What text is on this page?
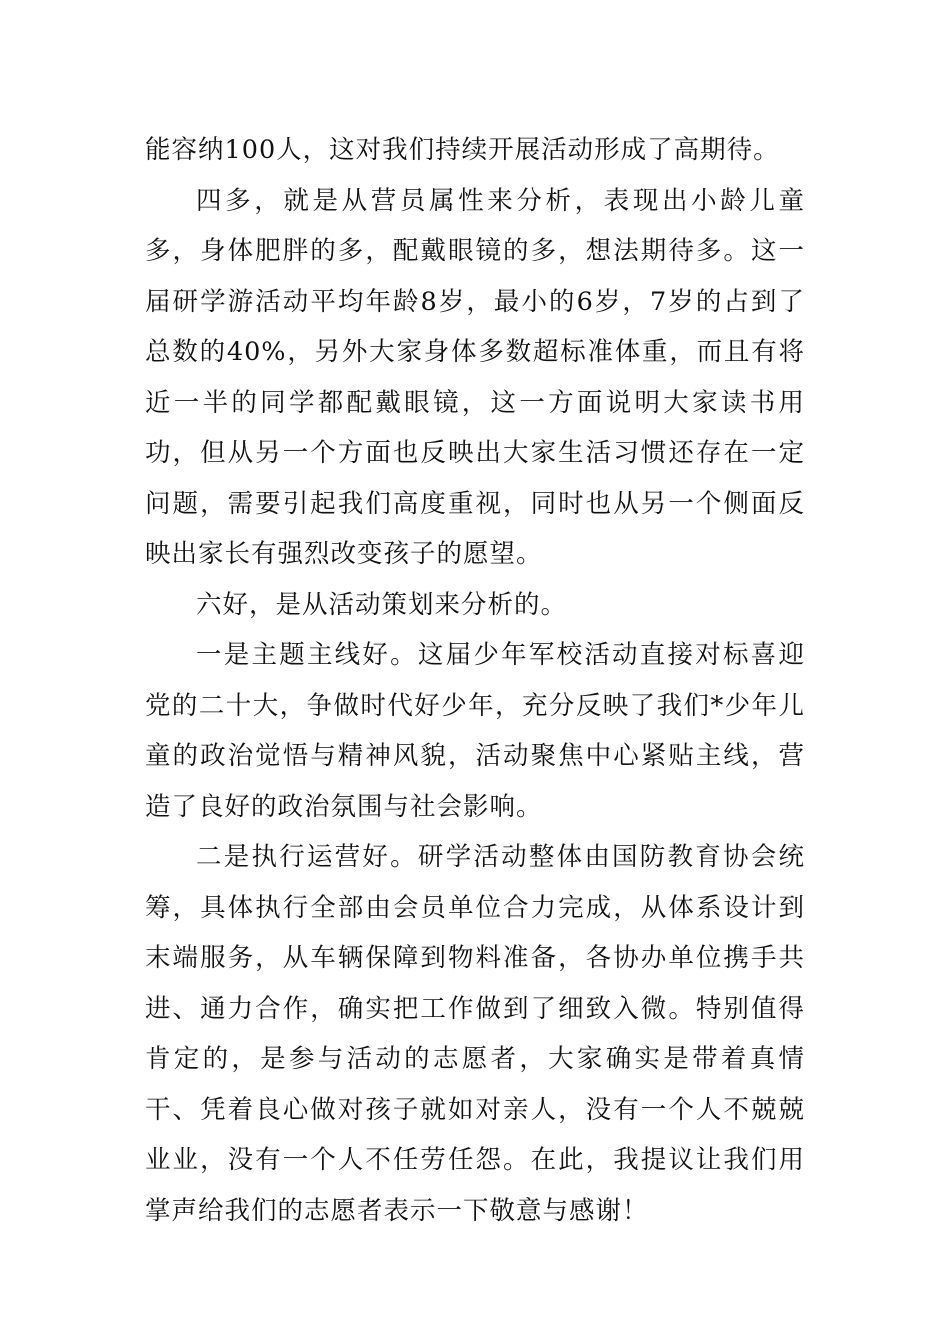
能容纳100人，这对我们持续开展活动形成了高期待。

四多，就是从营员属性来分析，表现出小龄儿童多，身体肥胖的多，配戴眼镜的多，想法期待多。这一届研学游活动平均年龄8岁，最小的6岁，7岁的占到了总数的40%，另外大家身体多数超标准体重，而且有将近一半的同学都配戴眼镜，这一方面说明大家读书用功，但从另一个方面也反映出大家生活习惯还存在一定问题，需要引起我们高度重视，同时也从另一个侧面反映出家长有强烈改变孩子的愿望。

六好，是从活动策划来分析的。

一是主题主线好。这届少年军校活动直接对标喜迎党的二十大，争做时代好少年，充分反映了我们*少年儿童的政治觉悟与精神风貌，活动聚焦中心紧贴主线，营造了良好的政治氛围与社会影响。

二是执行运营好。研学活动整体由国防教育协会统筹，具体执行全部由会员单位合力完成，从体系设计到末端服务，从车辆保障到物料准备，各协办单位携手共进、通力合作，确实把工作做到了细致入微。特别值得肯定的，是参与活动的志愿者，大家确实是带着真情干、凭着良心做对孩子就如对亲人，没有一个人不兢兢业业，没有一个人不任劳任怨。在此，我提议让我们用掌声给我们的志愿者表示一下敬意与感谢！
